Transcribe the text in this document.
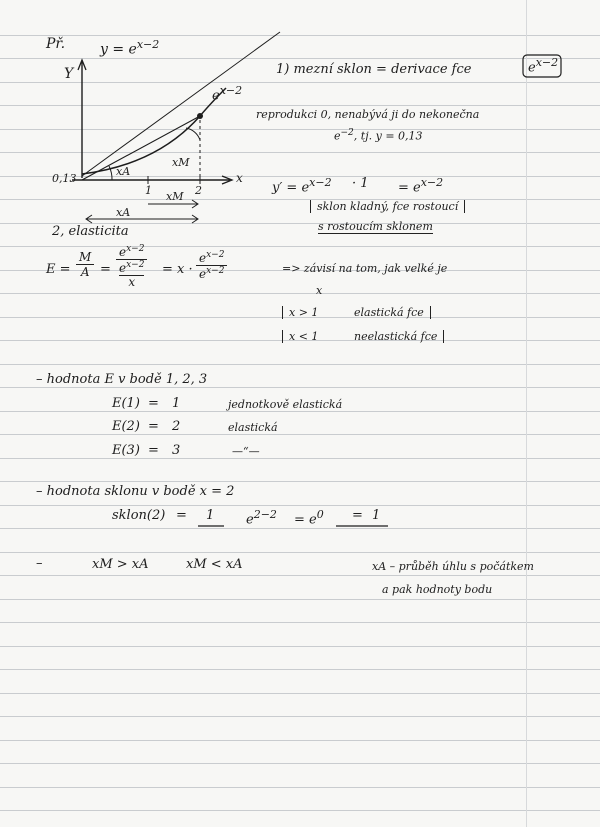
Př. $y = e^{x-2}$
Y
x
$e^{x-2}$
0,13
1	2
xA
xM
xM
xA
1) mezní sklon = derivace fce	$e^{x-2}$
reprodukci 0, nenabývá ji do nekonečna
$e^{-2}$, tj. y = 0,13
$y' = e^{x-2} \cdot 1 = e^{x-2}$
sklon kladný, fce rostoucí
s rostoucím sklonem
2, elasticita
$E = \frac{M}{A}$ =
$e^{x-2}$
$e^{x-2}$
x
= $x \cdot \frac{e^{x-2}}{e^{x-2}}$	=> závisí na tom, jak velké je
x
x > 1	elastická fce
x < 1	neelastická fce
– hodnota E v bodě 1, 2, 3
E(1) = 1	jednotkově elastická
E(2) = 2	elastická
E(3) = 3	—“—
– hodnota sklonu v bodě x = 2
sklon(2) = 1 $e^{2-2} = e^0 = 1$
–	xM > xA	xM < xA	xA – průběh úhlu s počátkem
a pak hodnoty bodu
